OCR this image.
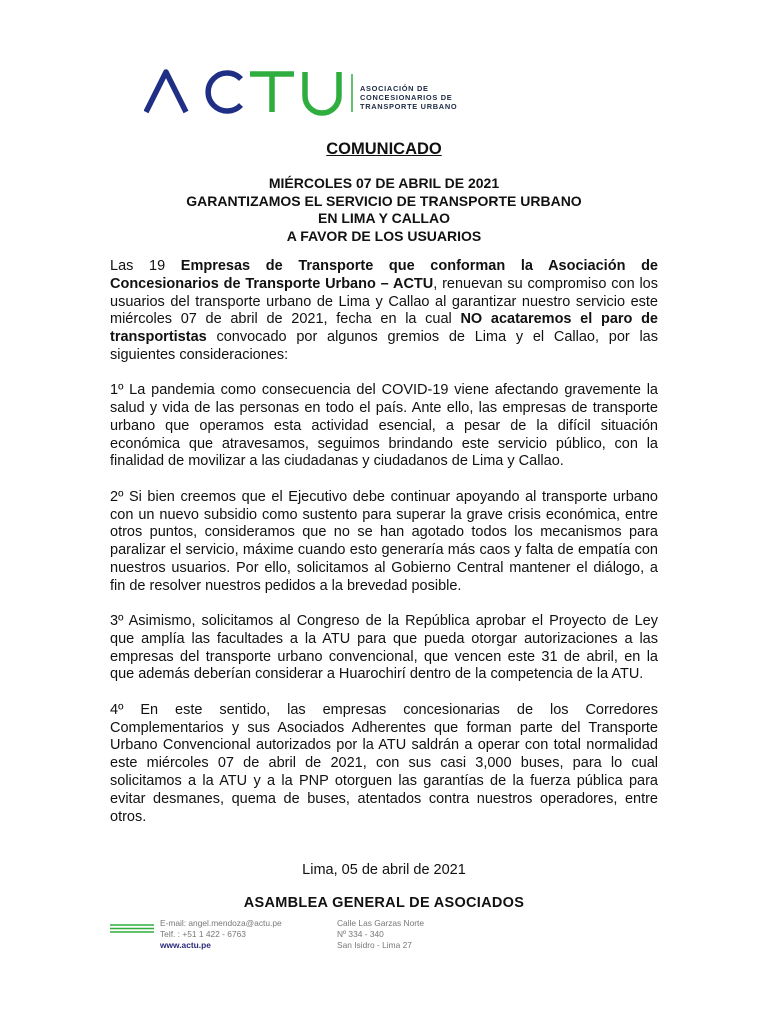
ASOCIACIÓN DE
CONCESIONARIOS DE
TRANSPORTE URBANO
COMUNICADO
MIÉRCOLES 07 DE ABRIL DE 2021
GARANTIZAMOS EL SERVICIO DE TRANSPORTE URBANO
EN LIMA Y CALLAO
A FAVOR DE LOS USUARIOS

Las 19 Empresas de Transporte que conforman la Asociación de Concesionarios de Transporte Urbano – ACTU, renuevan su compromiso con los usuarios del transporte urbano de Lima y Callao al garantizar nuestro servicio este miércoles 07 de abril de 2021, fecha en la cual NO acataremos el paro de transportistas convocado por algunos gremios de Lima y el Callao, por las siguientes consideraciones:

1º La pandemia como consecuencia del COVID-19 viene afectando gravemente la salud y vida de las personas en todo el país. Ante ello, las empresas de transporte urbano que operamos esta actividad esencial, a pesar de la difícil situación económica que atravesamos, seguimos brindando este servicio público, con la finalidad de movilizar a las ciudadanas y ciudadanos de Lima y Callao.

2º Si bien creemos que el Ejecutivo debe continuar apoyando al transporte urbano con un nuevo subsidio como sustento para superar la grave crisis económica, entre otros puntos, consideramos que no se han agotado todos los mecanismos para paralizar el servicio, máxime cuando esto generaría más caos y falta de empatía con nuestros usuarios. Por ello, solicitamos al Gobierno Central mantener el diálogo, a fin de resolver nuestros pedidos a la brevedad posible.

3º Asimismo, solicitamos al Congreso de la República aprobar el Proyecto de Ley que amplía las facultades a la ATU para que pueda otorgar autorizaciones a las empresas del transporte urbano convencional, que vencen este 31 de abril, en la que además deberían considerar a Huarochirí dentro de la competencia de la ATU.

4º En este sentido, las empresas concesionarias de los Corredores Complementarios y sus Asociados Adherentes que forman parte del Transporte Urbano Convencional autorizados por la ATU saldrán a operar con total normalidad este miércoles 07 de abril de 2021, con sus casi 3,000 buses, para lo cual solicitamos a la ATU y a la PNP otorguen las garantías de la fuerza pública para evitar desmanes, quema de buses, atentados contra nuestros operadores, entre otros.

Lima, 05 de abril de 2021
ASAMBLEA GENERAL DE ASOCIADOS
E-mail: angel.mendoza@actu.pe
Telf. : +51 1 422 - 6763
www.actu.pe
Calle Las Garzas Norte
Nº 334 - 340
San Isidro - Lima 27
